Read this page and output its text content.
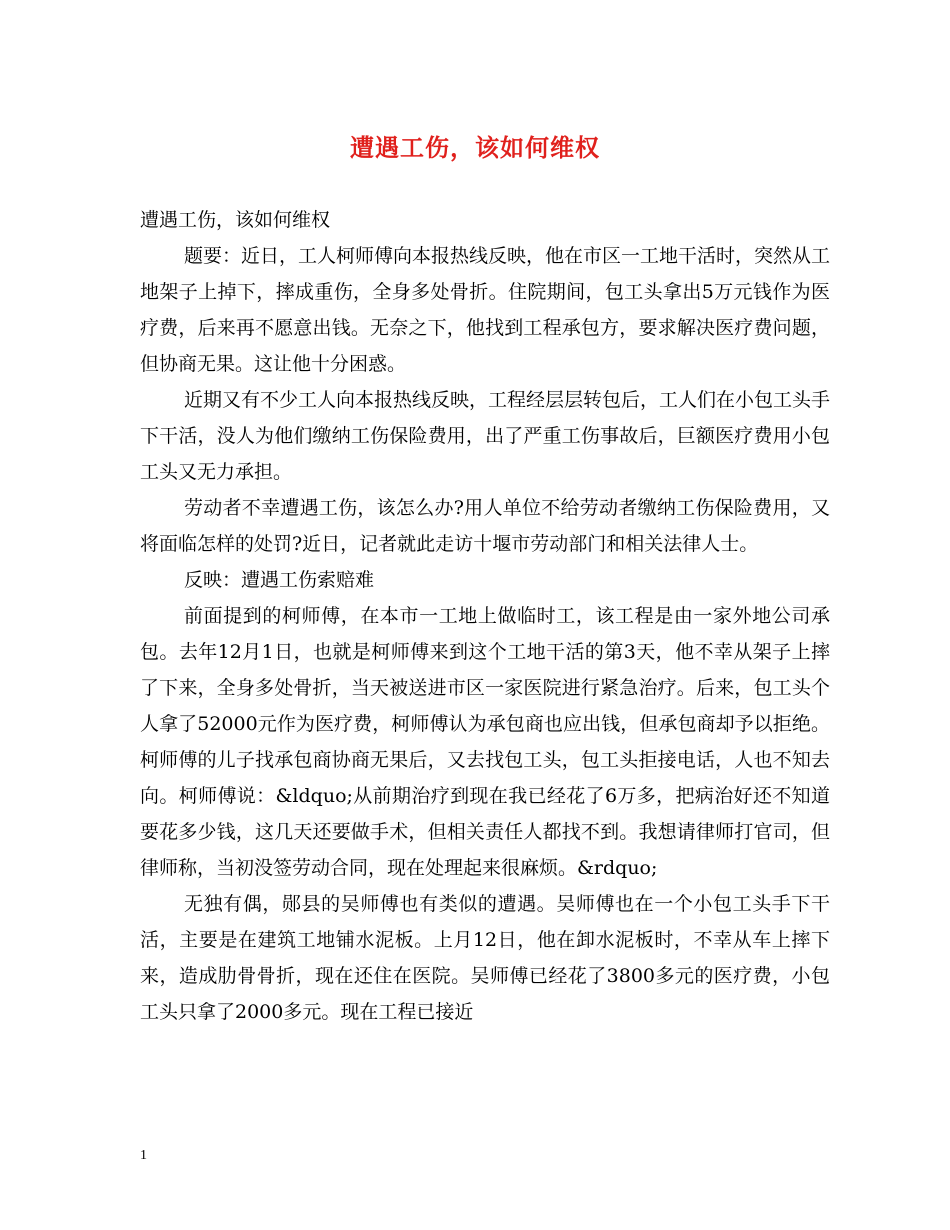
遭遇工伤，该如何维权

遭遇工伤，该如何维权

题要：近日，工人柯师傅向本报热线反映，他在市区一工地干活时，突然从工地架子上掉下，摔成重伤，全身多处骨折。住院期间，包工头拿出5万元钱作为医疗费，后来再不愿意出钱。无奈之下，他找到工程承包方，要求解决医疗费问题，但协商无果。这让他十分困惑。

近期又有不少工人向本报热线反映，工程经层层转包后，工人们在小包工头手下干活，没人为他们缴纳工伤保险费用，出了严重工伤事故后，巨额医疗费用小包工头又无力承担。

劳动者不幸遭遇工伤，该怎么办?用人单位不给劳动者缴纳工伤保险费用，又将面临怎样的处罚?近日，记者就此走访十堰市劳动部门和相关法律人士。

反映：遭遇工伤索赔难

前面提到的柯师傅，在本市一工地上做临时工，该工程是由一家外地公司承包。去年12月1日，也就是柯师傅来到这个工地干活的第3天，他不幸从架子上摔了下来，全身多处骨折，当天被送进市区一家医院进行紧急治疗。后来，包工头个人拿了52000元作为医疗费，柯师傅认为承包商也应出钱，但承包商却予以拒绝。柯师傅的儿子找承包商协商无果后，又去找包工头，包工头拒接电话，人也不知去向。柯师傅说：&ldquo;从前期治疗到现在我已经花了6万多，把病治好还不知道要花多少钱，这几天还要做手术，但相关责任人都找不到。我想请律师打官司，但律师称，当初没签劳动合同，现在处理起来很麻烦。&rdquo;

无独有偶，郧县的吴师傅也有类似的遭遇。吴师傅也在一个小包工头手下干活，主要是在建筑工地铺水泥板。上月12日，他在卸水泥板时，不幸从车上摔下来，造成肋骨骨折，现在还住在医院。吴师傅已经花了3800多元的医疗费，小包工头只拿了2000多元。现在工程已接近

1
